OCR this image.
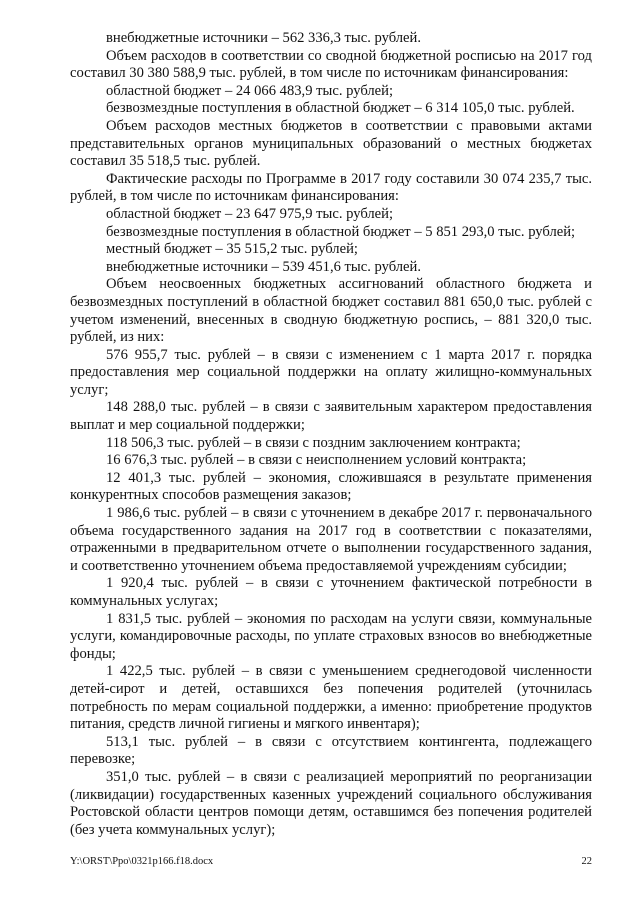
внебюджетные источники – 562 336,3 тыс. рублей.

Объем расходов в соответствии со сводной бюджетной росписью на 2017 год составил 30 380 588,9 тыс. рублей, в том числе по источникам финансирования:

областной бюджет – 24 066 483,9 тыс. рублей;

безвозмездные поступления в областной бюджет – 6 314 105,0 тыс. рублей.

Объем расходов местных бюджетов в соответствии с правовыми актами представительных органов муниципальных образований о местных бюджетах составил 35 518,5 тыс. рублей.

Фактические расходы по Программе в 2017 году составили 30 074 235,7 тыс. рублей, в том числе по источникам финансирования:

областной бюджет – 23 647 975,9 тыс. рублей;

безвозмездные поступления в областной бюджет – 5 851 293,0 тыс. рублей;

местный бюджет – 35 515,2 тыс. рублей;

внебюджетные источники – 539 451,6 тыс. рублей.

Объем неосвоенных бюджетных ассигнований областного бюджета и безвозмездных поступлений в областной бюджет составил 881 650,0 тыс. рублей с учетом изменений, внесенных в сводную бюджетную роспись, – 881 320,0 тыс. рублей, из них:

576 955,7 тыс. рублей – в связи с изменением с 1 марта 2017 г. порядка предоставления мер социальной поддержки на оплату жилищно-коммунальных услуг;

148 288,0 тыс. рублей – в связи с заявительным характером предоставления выплат и мер социальной поддержки;

118 506,3 тыс. рублей – в связи с поздним заключением контракта;

16 676,3 тыс. рублей – в связи с неисполнением условий контракта;

12 401,3 тыс. рублей – экономия, сложившаяся в результате применения конкурентных способов размещения заказов;

1 986,6 тыс. рублей – в связи с уточнением в декабре 2017 г. первоначального объема государственного задания на 2017 год в соответствии с показателями, отраженными в предварительном отчете о выполнении государственного задания, и соответственно уточнением объема предоставляемой учреждениям субсидии;

1 920,4 тыс. рублей – в связи с уточнением фактической потребности в коммунальных услугах;

1 831,5 тыс. рублей – экономия по расходам на услуги связи, коммунальные услуги, командировочные расходы, по уплате страховых взносов во внебюджетные фонды;

1 422,5 тыс. рублей – в связи с уменьшением среднегодовой численности детей-сирот и детей, оставшихся без попечения родителей (уточнилась потребность по мерам социальной поддержки, а именно: приобретение продуктов питания, средств личной гигиены и мягкого инвентаря);

513,1 тыс. рублей – в связи с отсутствием контингента, подлежащего перевозке;

351,0 тыс. рублей – в связи с реализацией мероприятий по реорганизации (ликвидации) государственных казенных учреждений социального обслуживания Ростовской области центров помощи детям, оставшимся без попечения родителей (без учета коммунальных услуг);

Y:\ORST\Ppo\0321p166.f18.docx	22
